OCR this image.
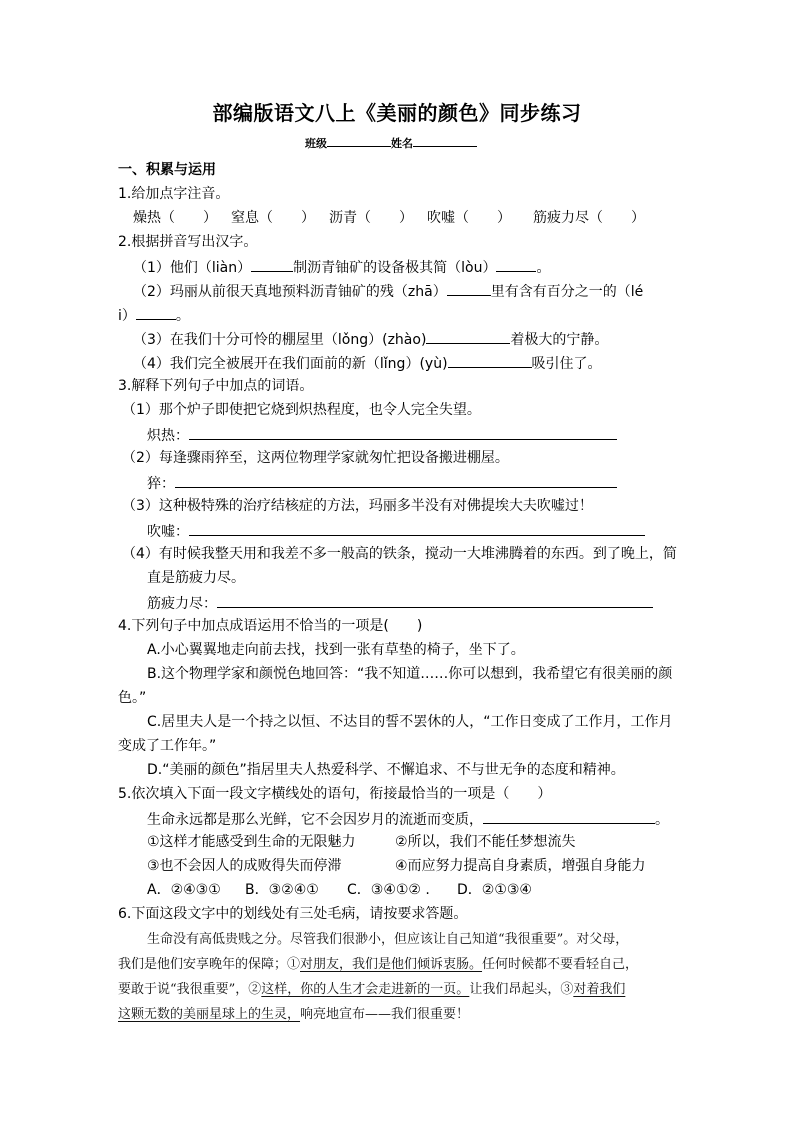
部编版语文八上《美丽的颜色》同步练习
班级	姓名
一、积累与运用
1.给加点字注音。
燥热（　　） 窒息（　　） 沥青（　　） 吹嘘（　　） 筋疲力尽（　　）
2.根据拼音写出汉字。
（1）他们（liàn）	制沥青铀矿的设备极其简（lòu）	。
（2）玛丽从前很天真地预料沥青铀矿的残（zhā）	里有含有百分之一的（lé
i）	。
（3）在我们十分可怜的棚屋里（lǒng）(zhào)	着极大的宁静。
（4）我们完全被展开在我们面前的新（lǐng）(yù)	吸引住了。
3.解释下列句子中加点的词语。
（1）那个炉子即使把它烧到炽热程度，也令人完全失望。
炽热：
（2）每逢骤雨猝至，这两位物理学家就匆忙把设备搬进棚屋。
猝：
（3）这种极特殊的治疗结核症的方法，玛丽多半没有对佛提埃大夫吹嘘过！
吹嘘：
（4）有时候我整天用和我差不多一般高的铁条，搅动一大堆沸腾着的东西。到了晚上，简
直是筋疲力尽。
筋疲力尽：
4.下列句子中加点成语运用不恰当的一项是(　　)
A.小心翼翼地走向前去找，找到一张有草垫的椅子，坐下了。
B.这个物理学家和颜悦色地回答：“我不知道……你可以想到，我希望它有很美丽的颜
色。”
C.居里夫人是一个持之以恒、不达目的誓不罢休的人，“工作日变成了工作月，工作月
变成了工作年。”
D.“美丽的颜色”指居里夫人热爱科学、不懈追求、不与世无争的态度和精神。
5.依次填入下面一段文字横线处的语句，衔接最恰当的一项是（　　）
生命永远都是那么光鲜，它不会因岁月的流逝而变质，	。
①这样才能感受到生命的无限魅力	②所以，我们不能任梦想流失
③也不会因人的成败得失而停滞	④而应努力提高自身素质，增强自身能力
A．②④③① B．③②④① C．③④①② . D．②①③④
6.下面这段文字中的划线处有三处毛病，请按要求答题。
生命没有高低贵贱之分。尽管我们很渺小，但应该让自己知道“我很重要”。对父母，
我们是他们安享晚年的保障；①对朋友，我们是他们倾诉衷肠。任何时候都不要看轻自己，
要敢于说“我很重要”，②这样，你的人生才会走进新的一页。让我们昂起头，③对着我们
这颗无数的美丽星球上的生灵，响亮地宣布——我们很重要！
